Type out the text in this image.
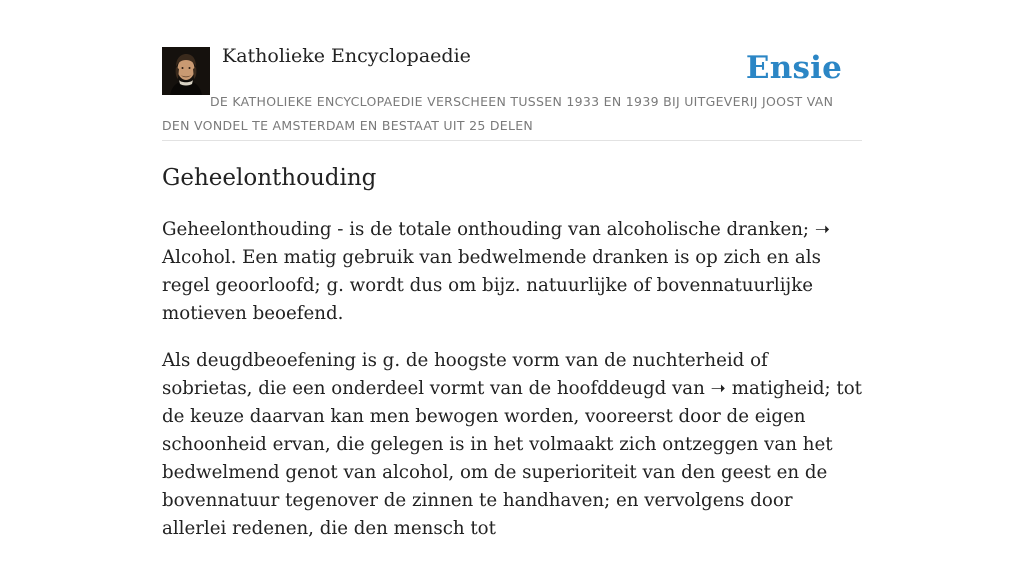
Katholieke Encyclopaedie	Ensie
DE KATHOLIEKE ENCYCLOPAEDIE VERSCHEEN TUSSEN 1933 EN 1939 BIJ UITGEVERIJ JOOST VAN DEN VONDEL TE AMSTERDAM EN BESTAAT UIT 25 DELEN
Geheelonthouding

Geheelonthouding - is de totale onthouding van alcoholische dranken; ➝ Alcohol. Een matig gebruik van bedwelmende dranken is op zich en als regel geoorloofd; g. wordt dus om bijz. natuurlijke of bovennatuurlijke motieven beoefend.

Als deugdbeoefening is g. de hoogste vorm van de nuchterheid of sobrietas, die een onderdeel vormt van de hoofddeugd van ➝ matigheid; tot de keuze daarvan kan men bewogen worden, vooreerst door de eigen schoonheid ervan, die gelegen is in het volmaakt zich ontzeggen van het bedwelmend genot van alcohol, om de superioriteit van den geest en de bovennatuur tegenover de zinnen te handhaven; en vervolgens door allerlei redenen, die den mensch tot
